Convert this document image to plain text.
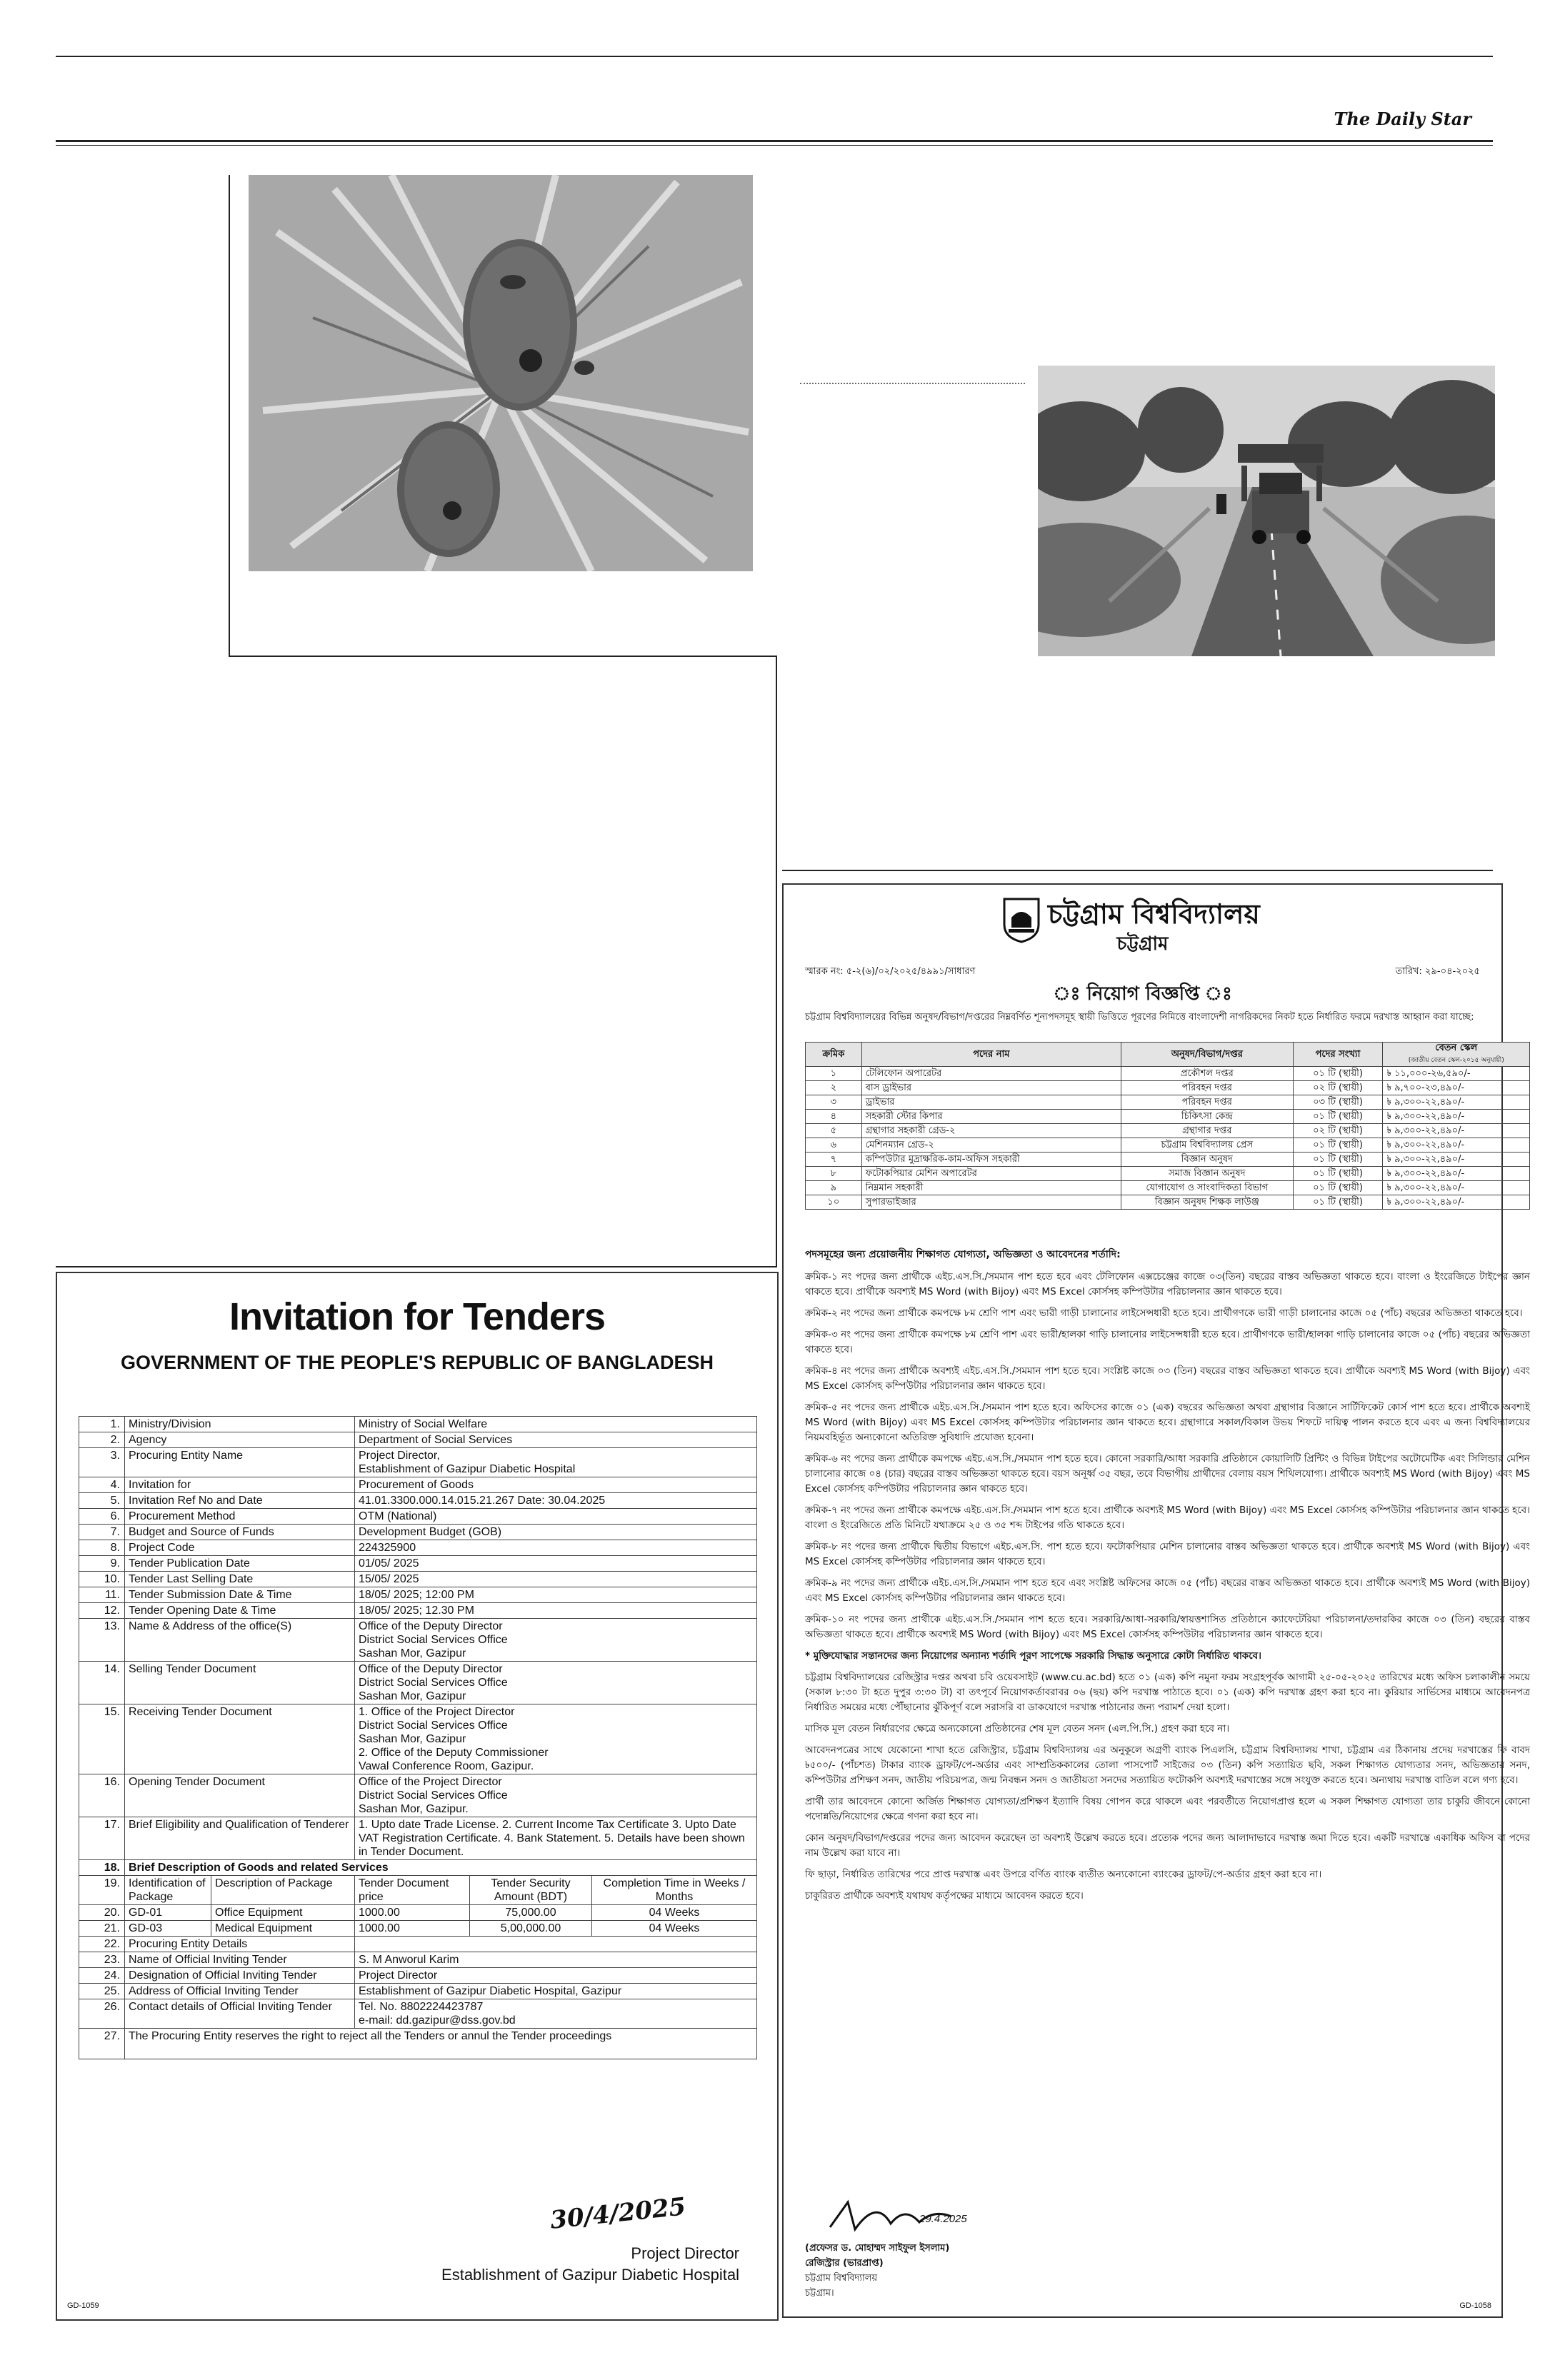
The Daily Star
Invitation for Tenders
GOVERNMENT OF THE PEOPLE'S REPUBLIC OF BANGLADESH
1.	Ministry/Division		Ministry of Social Welfare		
2.	Agency		Department of Social Services		
3.	Procuring Entity Name		Project Director,
Establishment of Gazipur Diabetic Hospital		
4.	Invitation for		Procurement of Goods		
5.	Invitation Ref No and Date		41.01.3300.000.14.015.21.267 Date: 30.04.2025		
6.	Procurement Method		OTM (National)		
7.	Budget and Source of Funds		Development Budget (GOB)		
8.	Project Code		224325900		
9.	Tender Publication Date		01/05/ 2025		
10.	Tender Last Selling Date		15/05/ 2025		
11.	Tender Submission Date & Time		18/05/ 2025; 12:00 PM		
12.	Tender Opening Date & Time		18/05/ 2025; 12.30 PM		
13.	Name & Address of the office(S)		Office of the Deputy Director
District Social Services Office
Sashan Mor, Gazipur		
14.	Selling Tender Document		Office of the Deputy Director
District Social Services Office
Sashan Mor, Gazipur		
15.	Receiving Tender Document		1. Office of the Project Director
District Social Services Office
Sashan Mor, Gazipur
2. Office of the Deputy Commissioner
Vawal Conference Room, Gazipur.		
16.	Opening Tender Document		Office of the Project Director
District Social Services Office
Sashan Mor, Gazipur.		
17.	Brief Eligibility and Qualification of Tenderer		1. Upto date Trade License. 2. Current Income Tax Certificate 3. Upto Date VAT Registration Certificate. 4. Bank Statement. 5. Details have been shown in Tender Document.		
18.	Brief Description of Goods and related Services				
19.	Identification of Package	Description of Package	Tender Document price	Tender Security Amount (BDT)	Completion Time in Weeks / Months
20.	GD-01	Office Equipment	1000.00	75,000.00	04 Weeks
21.	GD-03	Medical Equipment	1000.00	5,00,000.00	04 Weeks
22.	Procuring Entity Details				
23.	Name of Official Inviting Tender		S. M Anworul Karim		
24.	Designation of Official Inviting Tender		Project Director		
25.	Address of Official Inviting Tender		Establishment of Gazipur Diabetic Hospital, Gazipur		
26.	Contact details of Official Inviting Tender		Tel. No. 8802224423787
e-mail: dd.gazipur@dss.gov.bd		
27.	The Procuring Entity reserves the right to reject all the Tenders or annul the Tender proceedings				
30/4/2025
Project Director
Establishment of Gazipur Diabetic Hospital
GD-1059
চট্টগ্রাম বিশ্ববিদ্যালয়
চট্টগ্রাম
স্মারক নং: ৫-২(৬)/০২/২০২৫/৪৯৯১/সাধারণ	তারিখ: ২৯-০৪-২০২৫
ঃ নিয়োগ বিজ্ঞপ্তি ঃ
চট্টগ্রাম বিশ্ববিদ্যালয়ের বিভিন্ন অনুষদ/বিভাগ/দপ্তরের নিম্নবর্ণিত শূন্যপদসমূহ স্থায়ী ভিত্তিতে পূরণের নিমিত্তে বাংলাদেশী নাগরিকদের নিকট হতে নির্ধারিত ফরমে দরখাস্ত আহ্বান করা যাচ্ছে:
ক্রমিক	পদের নাম	অনুষদ/বিভাগ/দপ্তর	পদের সংখ্যা	বেতন স্কেল
(জাতীয় বেতন স্কেল-২০১৫ অনুযায়ী)
১	টেলিফোন অপারেটর	প্রকৌশল দপ্তর	০১ টি (স্থায়ী)	৳ ১১,০০০-২৬,৫৯০/-
২	বাস ড্রাইভার	পরিবহন দপ্তর	০২ টি (স্থায়ী)	৳ ৯,৭০০-২৩,৪৯০/-
৩	ড্রাইভার	পরিবহন দপ্তর	০৩ টি (স্থায়ী)	৳ ৯,৩০০-২২,৪৯০/-
৪	সহকারী স্টোর কিপার	চিকিৎসা কেন্দ্র	০১ টি (স্থায়ী)	৳ ৯,৩০০-২২,৪৯০/-
৫	গ্রন্থাগার সহকারী গ্রেড-২	গ্রন্থাগার দপ্তর	০২ টি (স্থায়ী)	৳ ৯,৩০০-২২,৪৯০/-
৬	মেশিনম্যান গ্রেড-২	চট্টগ্রাম বিশ্ববিদ্যালয় প্রেস	০১ টি (স্থায়ী)	৳ ৯,৩০০-২২,৪৯০/-
৭	কম্পিউটার মুদ্রাক্ষরিক-কাম-অফিস সহকারী	বিজ্ঞান অনুষদ	০১ টি (স্থায়ী)	৳ ৯,৩০০-২২,৪৯০/-
৮	ফটোকপিয়ার মেশিন অপারেটর	সমাজ বিজ্ঞান অনুষদ	০১ টি (স্থায়ী)	৳ ৯,৩০০-২২,৪৯০/-
৯	নিম্নমান সহকারী	যোগাযোগ ও সাংবাদিকতা বিভাগ	০১ টি (স্থায়ী)	৳ ৯,৩০০-২২,৪৯০/-
১০	সুপারভাইজার	বিজ্ঞান অনুষদ শিক্ষক লাউঞ্জ	০১ টি (স্থায়ী)	৳ ৯,৩০০-২২,৪৯০/-
পদসমূহের জন্য প্রয়োজনীয় শিক্ষাগত যোগ্যতা, অভিজ্ঞতা ও আবেদনের শর্তাদি:
ক্রমিক-১ নং পদের জন্য প্রার্থীকে এইচ.এস.সি./সমমান পাশ হতে হবে এবং টেলিফোন এক্সচেঞ্জের কাজে ০৩(তিন) বছরের বাস্তব অভিজ্ঞতা থাকতে হবে। বাংলা ও ইংরেজিতে টাইপের জ্ঞান থাকতে হবে। প্রার্থীকে অবশ্যই MS Word (with Bijoy) এবং MS Excel কোর্সসহ কম্পিউটার পরিচালনার জ্ঞান থাকতে হবে।
ক্রমিক-২ নং পদের জন্য প্রার্থীকে কমপক্ষে ৮ম শ্রেণি পাশ এবং ভারী গাড়ী চালানোর লাইসেন্সধারী হতে হবে। প্রার্থীগণকে ভারী গাড়ী চালানোর কাজে ০৫ (পাঁচ) বছরের অভিজ্ঞতা থাকতে হবে।
ক্রমিক-৩ নং পদের জন্য প্রার্থীকে কমপক্ষে ৮ম শ্রেণি পাশ এবং ভারী/হালকা গাড়ি চালানোর লাইসেন্সধারী হতে হবে। প্রার্থীগণকে ভারী/হালকা গাড়ি চালানোর কাজে ০৫ (পাঁচ) বছরের অভিজ্ঞতা থাকতে হবে।
ক্রমিক-৪ নং পদের জন্য প্রার্থীকে অবশ্যই এইচ.এস.সি./সমমান পাশ হতে হবে। সংশ্লিষ্ট কাজে ০৩ (তিন) বছরের বাস্তব অভিজ্ঞতা থাকতে হবে। প্রার্থীকে অবশ্যই MS Word (with Bijoy) এবং MS Excel কোর্সসহ কম্পিউটার পরিচালনার জ্ঞান থাকতে হবে।
ক্রমিক-৫ নং পদের জন্য প্রার্থীকে এইচ.এস.সি./সমমান পাশ হতে হবে। অফিসের কাজে ০১ (এক) বছরের অভিজ্ঞতা অথবা গ্রন্থাগার বিজ্ঞানে সার্টিফিকেট কোর্স পাশ হতে হবে। প্রার্থীকে অবশ্যই MS Word (with Bijoy) এবং MS Excel কোর্সসহ কম্পিউটার পরিচালনার জ্ঞান থাকতে হবে। গ্রন্থাগারে সকাল/বিকাল উভয় শিফটে দায়িত্ব পালন করতে হবে এবং এ জন্য বিশ্ববিদ্যালয়ের নিয়মবহির্ভূত অন্যকোনো অতিরিক্ত সুবিধাদি প্রযোজ্য হবেনা।
ক্রমিক-৬ নং পদের জন্য প্রার্থীকে কমপক্ষে এইচ.এস.সি./সমমান পাশ হতে হবে। কোনো সরকারি/আধা সরকারি প্রতিষ্ঠানে কোয়ালিটি প্রিন্টিং ও বিভিন্ন টাইপের অটোমেটিক এবং সিলিন্ডার মেশিন চালানোর কাজে ০৪ (চার) বছরের বাস্তব অভিজ্ঞতা থাকতে হবে। বয়স অনূর্ধ্ব ৩৫ বছর, তবে বিভাগীয় প্রার্থীদের বেলায় বয়স শিথিলযোগ্য। প্রার্থীকে অবশ্যই MS Word (with Bijoy) এবং MS Excel কোর্সসহ কম্পিউটার পরিচালনার জ্ঞান থাকতে হবে।
ক্রমিক-৭ নং পদের জন্য প্রার্থীকে কমপক্ষে এইচ.এস.সি./সমমান পাশ হতে হবে। প্রার্থীকে অবশ্যই MS Word (with Bijoy) এবং MS Excel কোর্সসহ কম্পিউটার পরিচালনার জ্ঞান থাকতে হবে। বাংলা ও ইংরেজিতে প্রতি মিনিটে যথাক্রমে ২৫ ও ৩৫ শব্দ টাইপের গতি থাকতে হবে।
ক্রমিক-৮ নং পদের জন্য প্রার্থীকে দ্বিতীয় বিভাগে এইচ.এস.সি. পাশ হতে হবে। ফটোকপিয়ার মেশিন চালানোর বাস্তব অভিজ্ঞতা থাকতে হবে। প্রার্থীকে অবশ্যই MS Word (with Bijoy) এবং MS Excel কোর্সসহ কম্পিউটার পরিচালনার জ্ঞান থাকতে হবে।
ক্রমিক-৯ নং পদের জন্য প্রার্থীকে এইচ.এস.সি./সমমান পাশ হতে হবে এবং সংশ্লিষ্ট অফিসের কাজে ০৫ (পাঁচ) বছরের বাস্তব অভিজ্ঞতা থাকতে হবে। প্রার্থীকে অবশ্যই MS Word (with Bijoy) এবং MS Excel কোর্সসহ কম্পিউটার পরিচালনার জ্ঞান থাকতে হবে।
ক্রমিক-১০ নং পদের জন্য প্রার্থীকে এইচ.এস.সি./সমমান পাশ হতে হবে। সরকারি/আধা-সরকারি/স্বায়ত্তশাসিত প্রতিষ্ঠানে ক্যাফেটেরিয়া পরিচালনা/তদারকির কাজে ০৩ (তিন) বছরের বাস্তব অভিজ্ঞতা থাকতে হবে। প্রার্থীকে অবশ্যই MS Word (with Bijoy) এবং MS Excel কোর্সসহ কম্পিউটার পরিচালনার জ্ঞান থাকতে হবে।
* মুক্তিযোদ্ধার সন্তানদের জন্য নিয়োগের অন্যান্য শর্তাদি পূরণ সাপেক্ষে সরকারি সিদ্ধান্ত অনুসারে কোটা নির্ধারিত থাকবে।
চট্টগ্রাম বিশ্ববিদ্যালয়ের রেজিস্ট্রার দপ্তর অথবা চবি ওয়েবসাইট (www.cu.ac.bd) হতে ০১ (এক) কপি নমুনা ফরম সংগ্রহপূর্বক আগামী ২৫-০৫-২০২৫ তারিখের মধ্যে অফিস চলাকালীন সময়ে (সকাল ৮:৩০ টা হতে দুপুর ৩:৩০ টা) বা তৎপূর্বে নিয়োগকর্তাবরাবর ০৬ (ছয়) কপি দরখাস্ত পাঠাতে হবে। ০১ (এক) কপি দরখাস্ত গ্রহণ করা হবে না। কুরিয়ার সার্ভিসের মাধ্যমে আবেদনপত্র নির্ধারিত সময়ের মধ্যে পৌঁছানোর ঝুঁকিপূর্ণ বলে সরাসরি বা ডাকযোগে দরখাস্ত পাঠানোর জন্য পরামর্শ দেয়া হলো।
মাসিক মূল বেতন নির্ধারণের ক্ষেত্রে অন্যকোনো প্রতিষ্ঠানের শেষ মূল বেতন সনদ (এল.পি.সি.) গ্রহণ করা হবে না।
আবেদনপত্রের সাথে যেকোনো শাখা হতে রেজিস্ট্রার, চট্টগ্রাম বিশ্ববিদ্যালয় এর অনুকূলে অগ্রণী ব্যাংক পিএলসি, চট্টগ্রাম বিশ্ববিদ্যালয় শাখা, চট্টগ্রাম এর ঠিকানায় প্রদেয় দরখাস্তের ফি বাবদ ৳৫০০/- (পাঁচশত) টাকার ব্যাংক ড্রাফট/পে-অর্ডার এবং সাম্প্রতিককালের তোলা পাসপোর্ট সাইজের ০৩ (তিন) কপি সত্যায়িত ছবি, সকল শিক্ষাগত যোগ্যতার সনদ, অভিজ্ঞতার সনদ, কম্পিউটার প্রশিক্ষণ সনদ, জাতীয় পরিচয়পত্র, জন্ম নিবন্ধন সনদ ও জাতীয়তা সনদের সত্যায়িত ফটোকপি অবশ্যই দরখাস্তের সঙ্গে সংযুক্ত করতে হবে। অন্যথায় দরখাস্ত বাতিল বলে গণ্য হবে।
প্রার্থী তার আবেদনে কোনো অর্জিত শিক্ষাগত যোগ্যতা/প্রশিক্ষণ ইত্যাদি বিষয় গোপন করে থাকলে এবং পরবর্তীতে নিয়োগপ্রাপ্ত হলে এ সকল শিক্ষাগত যোগ্যতা তার চাকুরি জীবনে কোনো পদোন্নতি/নিয়োগের ক্ষেত্রে গণনা করা হবে না।
কোন অনুষদ/বিভাগ/দপ্তরের পদের জন্য আবেদন করেছেন তা অবশ্যই উল্লেখ করতে হবে। প্রত্যেক পদের জন্য আলাদাভাবে দরখাস্ত জমা দিতে হবে। একটি দরখাস্তে একাধিক অফিস বা পদের নাম উল্লেখ করা যাবে না।
ফি ছাড়া, নির্ধারিত তারিখের পরে প্রাপ্ত দরখাস্ত এবং উপরে বর্ণিত ব্যাংক ব্যতীত অন্যকোনো ব্যাংকের ড্রাফট/পে-অর্ডার গ্রহণ করা হবে না।
চাকুরিরত প্রার্থীকে অবশ্যই যথাযথ কর্তৃপক্ষের মাধ্যমে আবেদন করতে হবে।
29.4.2025
(প্রফেসর ড. মোহাম্মদ সাইফুল ইসলাম)
রেজিস্ট্রার (ভারপ্রাপ্ত)
চট্টগ্রাম বিশ্ববিদ্যালয়
চট্টগ্রাম।
GD-1058
